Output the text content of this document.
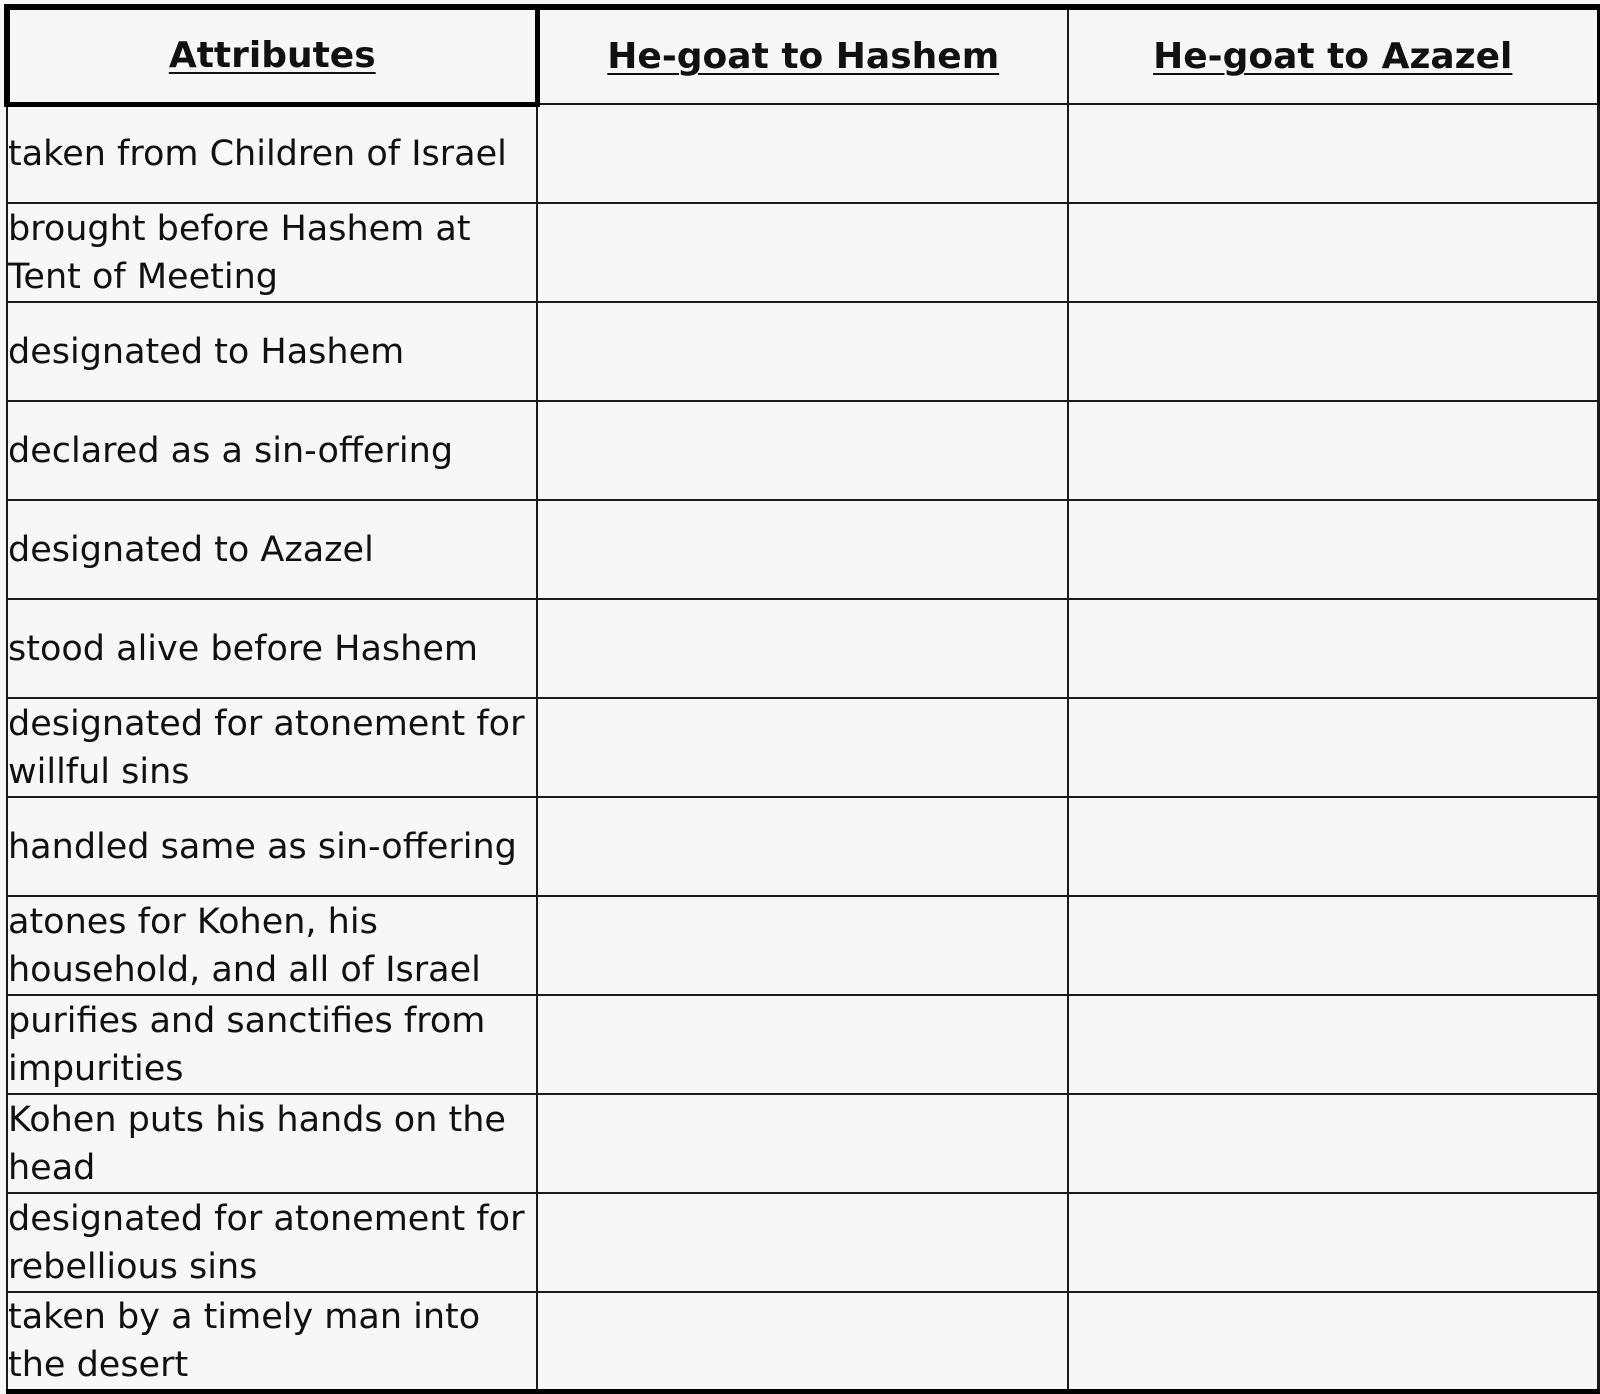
Attributes	He-goat to Hashem	He-goat to Azazel
taken from Children of Israel		
brought before Hashem at Tent of Meeting		
designated to Hashem		
declared as a sin-offering		
designated to Azazel		
stood alive before Hashem		
designated for atonement for willful sins		
handled same as sin-offering		
atones for Kohen, his household, and all of Israel		
purifies and sanctifies from impurities		
Kohen puts his hands on the head		
designated for atonement for rebellious sins		
taken by a timely man into the desert		
